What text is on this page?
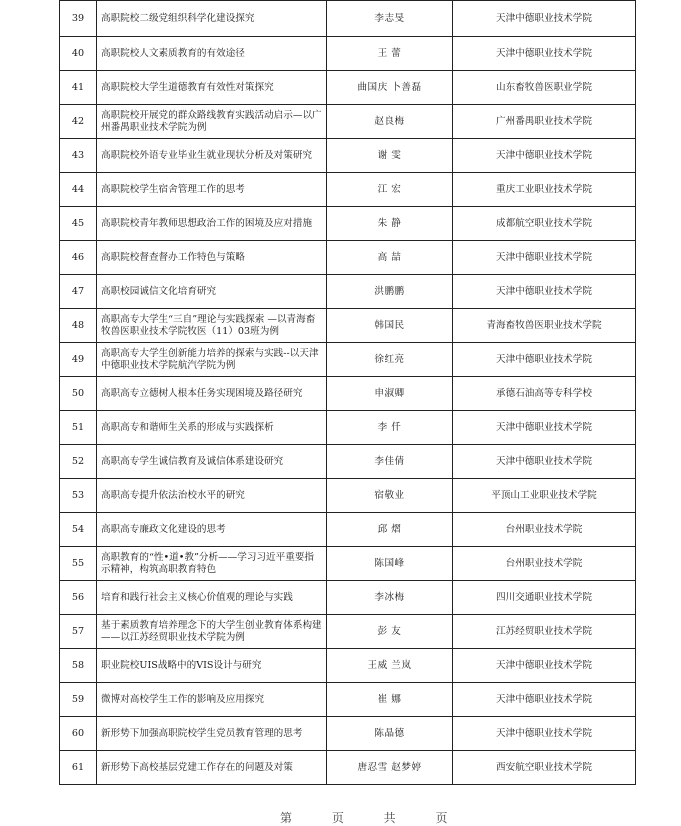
39	高职院校二级党组织科学化建设探究	李志旻	天津中德职业技术学院
40	高职院校人文素质教育的有效途径	王 蕾	天津中德职业技术学院
41	高职院校大学生道德教育有效性对策探究	曲国庆 卜善磊	山东畜牧兽医职业学院
42	高职院校开展党的群众路线教育实践活动启示—以广州番禺职业技术学院为例	赵良梅	广州番禺职业技术学院
43	高职院校外语专业毕业生就业现状分析及对策研究	谢 雯	天津中德职业技术学院
44	高职院校学生宿舍管理工作的思考	江 宏	重庆工业职业技术学院
45	高职院校青年教师思想政治工作的困境及应对措施	朱 静	成都航空职业技术学院
46	高职院校督查督办工作特色与策略	高 喆	天津中德职业技术学院
47	高职校园诚信文化培育研究	洪鹏鹏	天津中德职业技术学院
48	高职高专大学生“三自”理论与实践探索 —以青海畜牧兽医职业技术学院牧医（11）03班为例	韩国民	青海畜牧兽医职业技术学院
49	高职高专大学生创新能力培养的探索与实践--以天津中德职业技术学院航汽学院为例	徐红亮	天津中德职业技术学院
50	高职高专立德树人根本任务实现困境及路径研究	申淑卿	承德石油高等专科学校
51	高职高专和谐师生关系的形成与实践探析	李 仟	天津中德职业技术学院
52	高职高专学生诚信教育及诚信体系建设研究	李佳倩	天津中德职业技术学院
53	高职高专提升依法治校水平的研究	宿敬业	平顶山工业职业技术学院
54	高职高专廉政文化建设的思考	邱 熠	台州职业技术学院
55	高职教育的“性•道•教”分析——学习习近平重要指示精神，构筑高职教育特色	陈国峰	台州职业技术学院
56	培育和践行社会主义核心价值观的理论与实践	李冰梅	四川交通职业技术学院
57	基于素质教育培养理念下的大学生创业教育体系构建——以江苏经贸职业技术学院为例	彭 友	江苏经贸职业技术学院
58	职业院校UIS战略中的VIS设计与研究	王威 兰岚	天津中德职业技术学院
59	微博对高校学生工作的影响及应用探究	崔 娜	天津中德职业技术学院
60	新形势下加强高职院校学生党员教育管理的思考	陈晶德	天津中德职业技术学院
61	新形势下高校基层党建工作存在的问题及对策	唐忍雪 赵梦婷	西安航空职业技术学院
第 页 共 页
